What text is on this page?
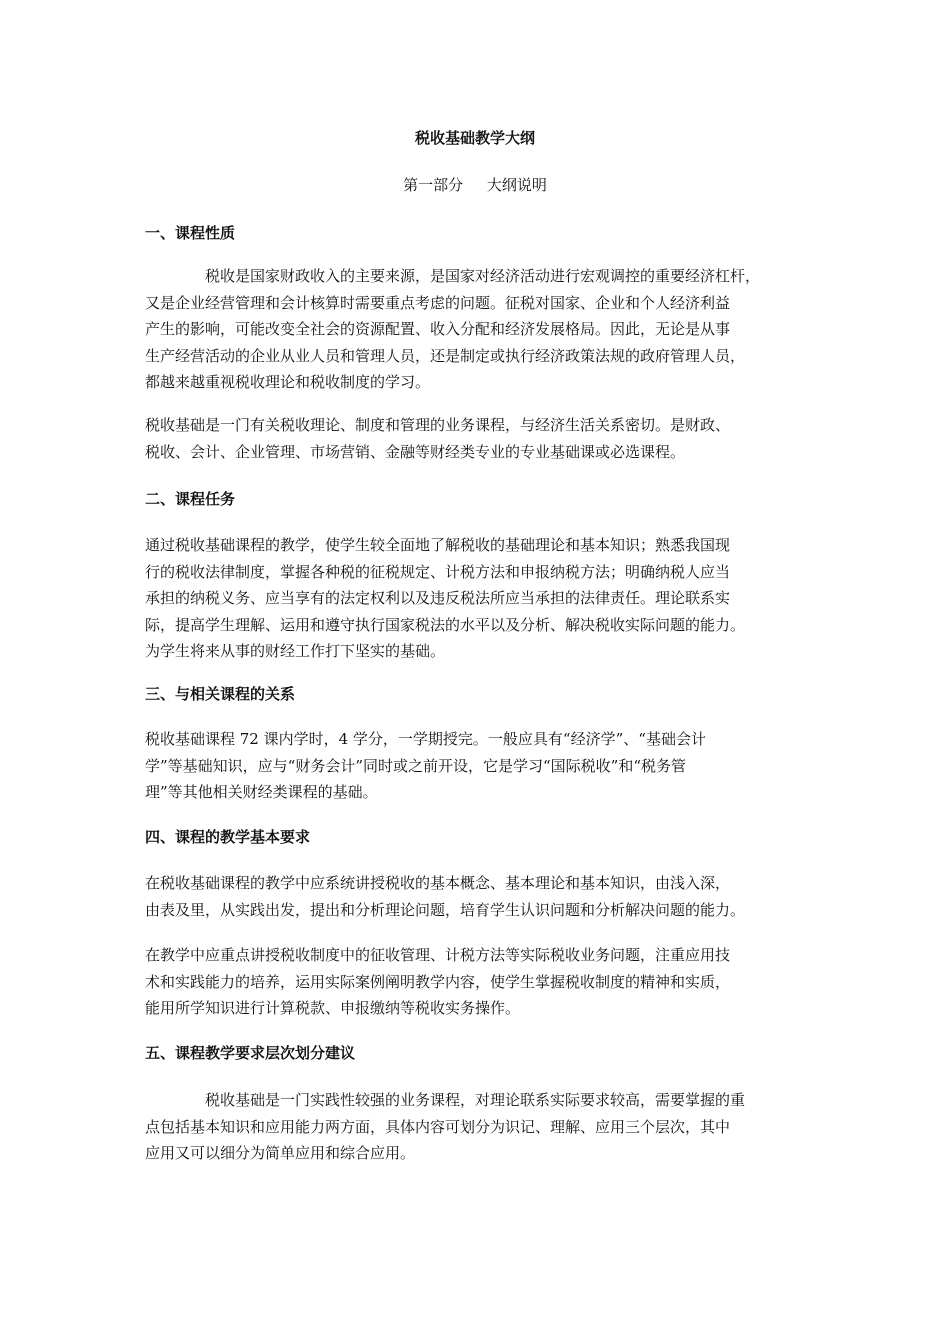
税收基础教学大纲
第一部分     大纲说明
一、课程性质
税收是国家财政收入的主要来源，是国家对经济活动进行宏观调控的重要经济杠杆，
又是企业经营管理和会计核算时需要重点考虑的问题。征税对国家、企业和个人经济利益
产生的影响，可能改变全社会的资源配置、收入分配和经济发展格局。因此，无论是从事
生产经营活动的企业从业人员和管理人员，还是制定或执行经济政策法规的政府管理人员，
都越来越重视税收理论和税收制度的学习。
税收基础是一门有关税收理论、制度和管理的业务课程，与经济生活关系密切。是财政、
税收、会计、企业管理、市场营销、金融等财经类专业的专业基础课或必选课程。
二、课程任务
通过税收基础课程的教学，使学生较全面地了解税收的基础理论和基本知识；熟悉我国现
行的税收法律制度，掌握各种税的征税规定、计税方法和申报纳税方法；明确纳税人应当
承担的纳税义务、应当享有的法定权利以及违反税法所应当承担的法律责任。理论联系实
际，提高学生理解、运用和遵守执行国家税法的水平以及分析、解决税收实际问题的能力。
为学生将来从事的财经工作打下坚实的基础。
三、与相关课程的关系
税收基础课程 72 课内学时，4 学分，一学期授完。一般应具有“经济学”、“基础会计
学”等基础知识，应与“财务会计”同时或之前开设，它是学习“国际税收”和“税务管
理”等其他相关财经类课程的基础。
四、课程的教学基本要求
在税收基础课程的教学中应系统讲授税收的基本概念、基本理论和基本知识，由浅入深，
由表及里，从实践出发，提出和分析理论问题，培育学生认识问题和分析解决问题的能力。
在教学中应重点讲授税收制度中的征收管理、计税方法等实际税收业务问题，注重应用技
术和实践能力的培养，运用实际案例阐明教学内容，使学生掌握税收制度的精神和实质，
能用所学知识进行计算税款、申报缴纳等税收实务操作。
五、课程教学要求层次划分建议
税收基础是一门实践性较强的业务课程，对理论联系实际要求较高，需要掌握的重
点包括基本知识和应用能力两方面，具体内容可划分为识记、理解、应用三个层次，其中
应用又可以细分为简单应用和综合应用。
